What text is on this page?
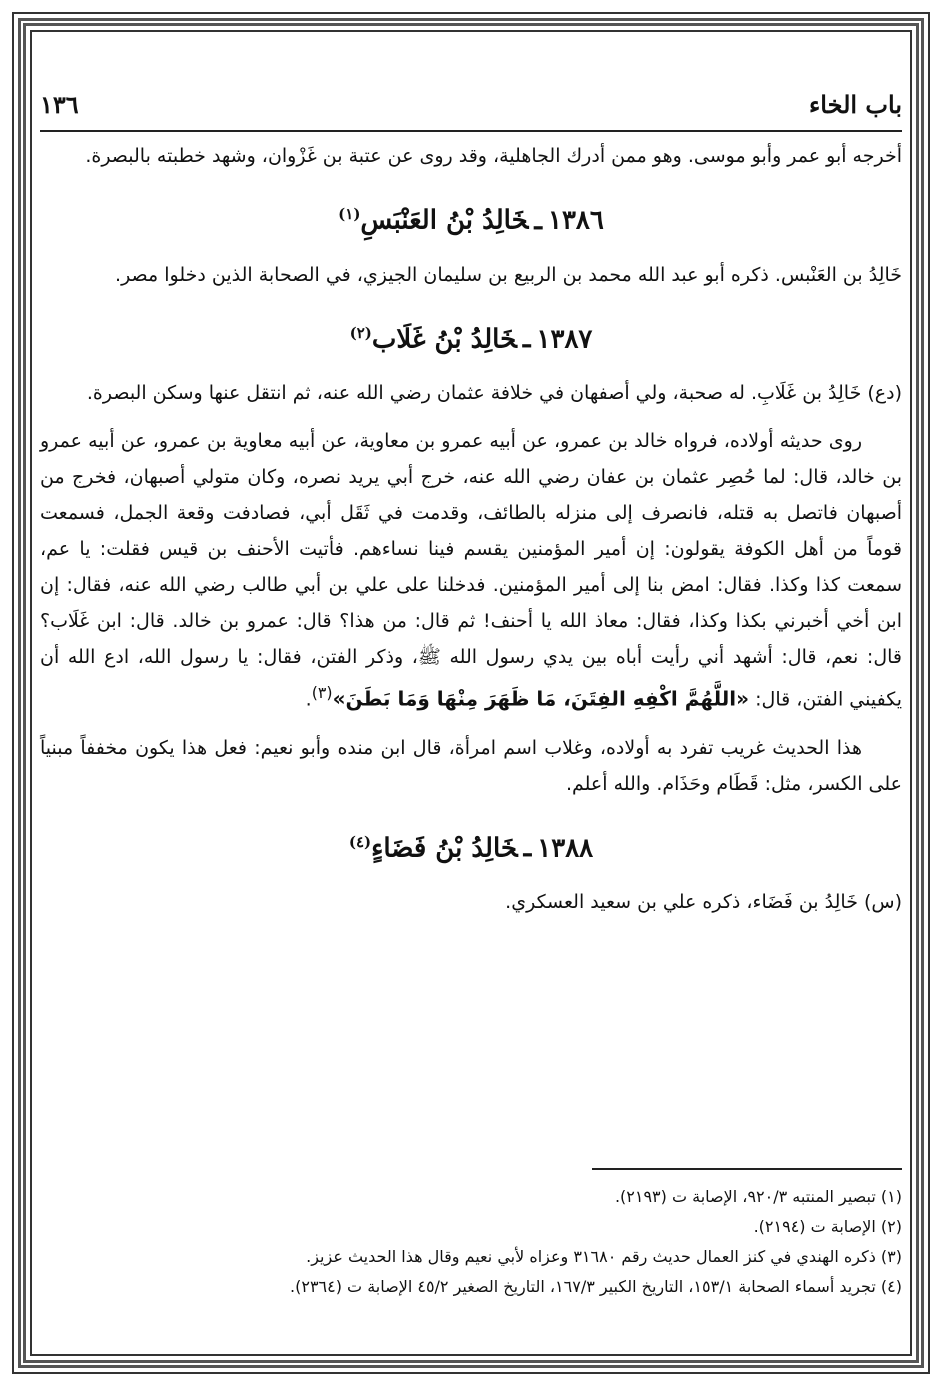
باب الخاء
١٣٦

أخرجه أبو عمر وأبو موسى. وهو ممن أدرك الجاهلية، وقد روى عن عتبة بن غَزْوان، وشهد خطبته بالبصرة.

١٣٨٦ـخَالِدُ بْنُ العَنْبَسِ$^{(١)}$

خَالِدُ بن العَنْبس. ذكره أبو عبد الله محمد بن الربيع بن سليمان الجيزي، في الصحابة الذين دخلوا مصر.

١٣٨٧ـخَالِدُ بْنُ غَلَاب$^{(٢)}$

(دع) خَالِدُ بن غَلَابِ. له صحبة، ولي أصفهان في خلافة عثمان رضي الله عنه، ثم انتقل عنها وسكن البصرة.

روى حديثه أولاده، فرواه خالد بن عمرو، عن أبيه عمرو بن معاوية، عن أبيه معاوية بن عمرو، عن أبيه عمرو بن خالد، قال: لما حُصِر عثمان بن عفان رضي الله عنه، خرج أبي يريد نصره، وكان متولي أصبهان، فخرج من أصبهان فاتصل به قتله، فانصرف إلى منزله بالطائف، وقدمت في ثَقَل أبي، فصادفت وقعة الجمل، فسمعت قوماً من أهل الكوفة يقولون: إن أمير المؤمنين يقسم فينا نساءهم. فأتيت الأحنف بن قيس فقلت: يا عم، سمعت كذا وكذا. فقال: امض بنا إلى أمير المؤمنين. فدخلنا على علي بن أبي طالب رضي الله عنه، فقال: إن ابن أخي أخبرني بكذا وكذا، فقال: معاذ الله يا أحنف! ثم قال: من هذا؟ قال: عمرو بن خالد. قال: ابن غَلَاب؟ قال: نعم، قال: أشهد أني رأيت أباه بين يدي رسول الله ﷺ، وذكر الفتن، فقال: يا رسول الله، ادع الله أن يكفيني الفتن، قال: «اللَّهُمَّ اكْفِهِ الفِتَنَ، مَا ظَهَرَ مِنْهَا وَمَا بَطَنَ»$^{(٣)}$.

هذا الحديث غريب تفرد به أولاده، وغلاب اسم امرأة، قال ابن منده وأبو نعيم: فعل هذا يكون مخففاً مبنياً على الكسر، مثل: قَطَام وحَذَام. والله أعلم.

١٣٨٨ـخَالِدُ بْنُ فَضَاءٍ$^{(٤)}$

(س) خَالِدُ بن فَضَاء، ذكره علي بن سعيد العسكري.

(١) تبصير المنتبه ٩٢٠/٣، الإصابة ت (٢١٩٣).

(٢) الإصابة ت (٢١٩٤).

(٣) ذكره الهندي في كنز العمال حديث رقم ٣١٦٨٠ وعزاه لأبي نعيم وقال هذا الحديث عزيز.

(٤) تجريد أسماء الصحابة ١٥٣/١، التاريخ الكبير ١٦٧/٣، التاريخ الصغير ٤٥/٢ الإصابة ت (٢٣٦٤).
